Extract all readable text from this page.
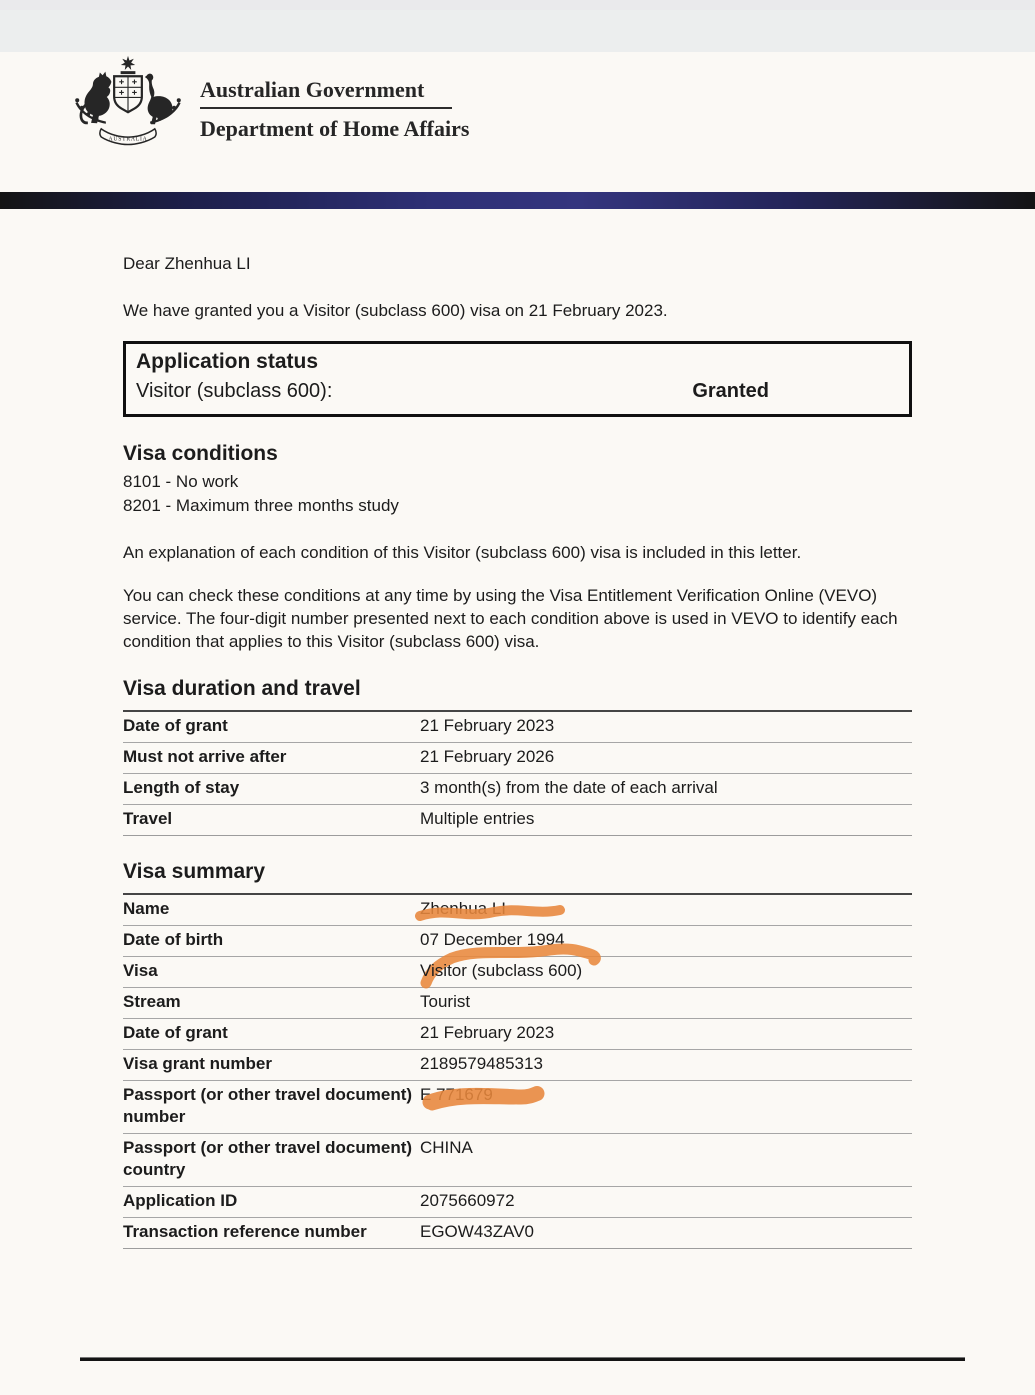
AUSTRALIA
Australian Government
Department of Home Affairs

Dear Zhenhua LI

We have granted you a Visitor (subclass 600) visa on 21 February 2023.

Application status
Visitor (subclass 600):	Granted
Visa conditions
8101 - No work
8201 - Maximum three months study

An explanation of each condition of this Visitor (subclass 600) visa is included in this letter.

You can check these conditions at any time by using the Visa Entitlement Verification Online (VEVO) service. The four-digit number presented next to each condition above is used in VEVO to identify each condition that applies to this Visitor (subclass 600) visa.

Visa duration and travel
Date of grant	21 February 2023
Must not arrive after	21 February 2026
Length of stay	3 month(s) from the date of each arrival
Travel	Multiple entries
Visa summary
Name	Zhenhua LI

Date of birth	07 December 1994

Visa	Visitor (subclass 600)
Stream	Tourist
Date of grant	21 February 2023
Visa grant number	2189579485313
Passport (or other travel document) number	E 771679

Passport (or other travel document) country	CHINA
Application ID	2075660972
Transaction reference number	EGOW43ZAV0
